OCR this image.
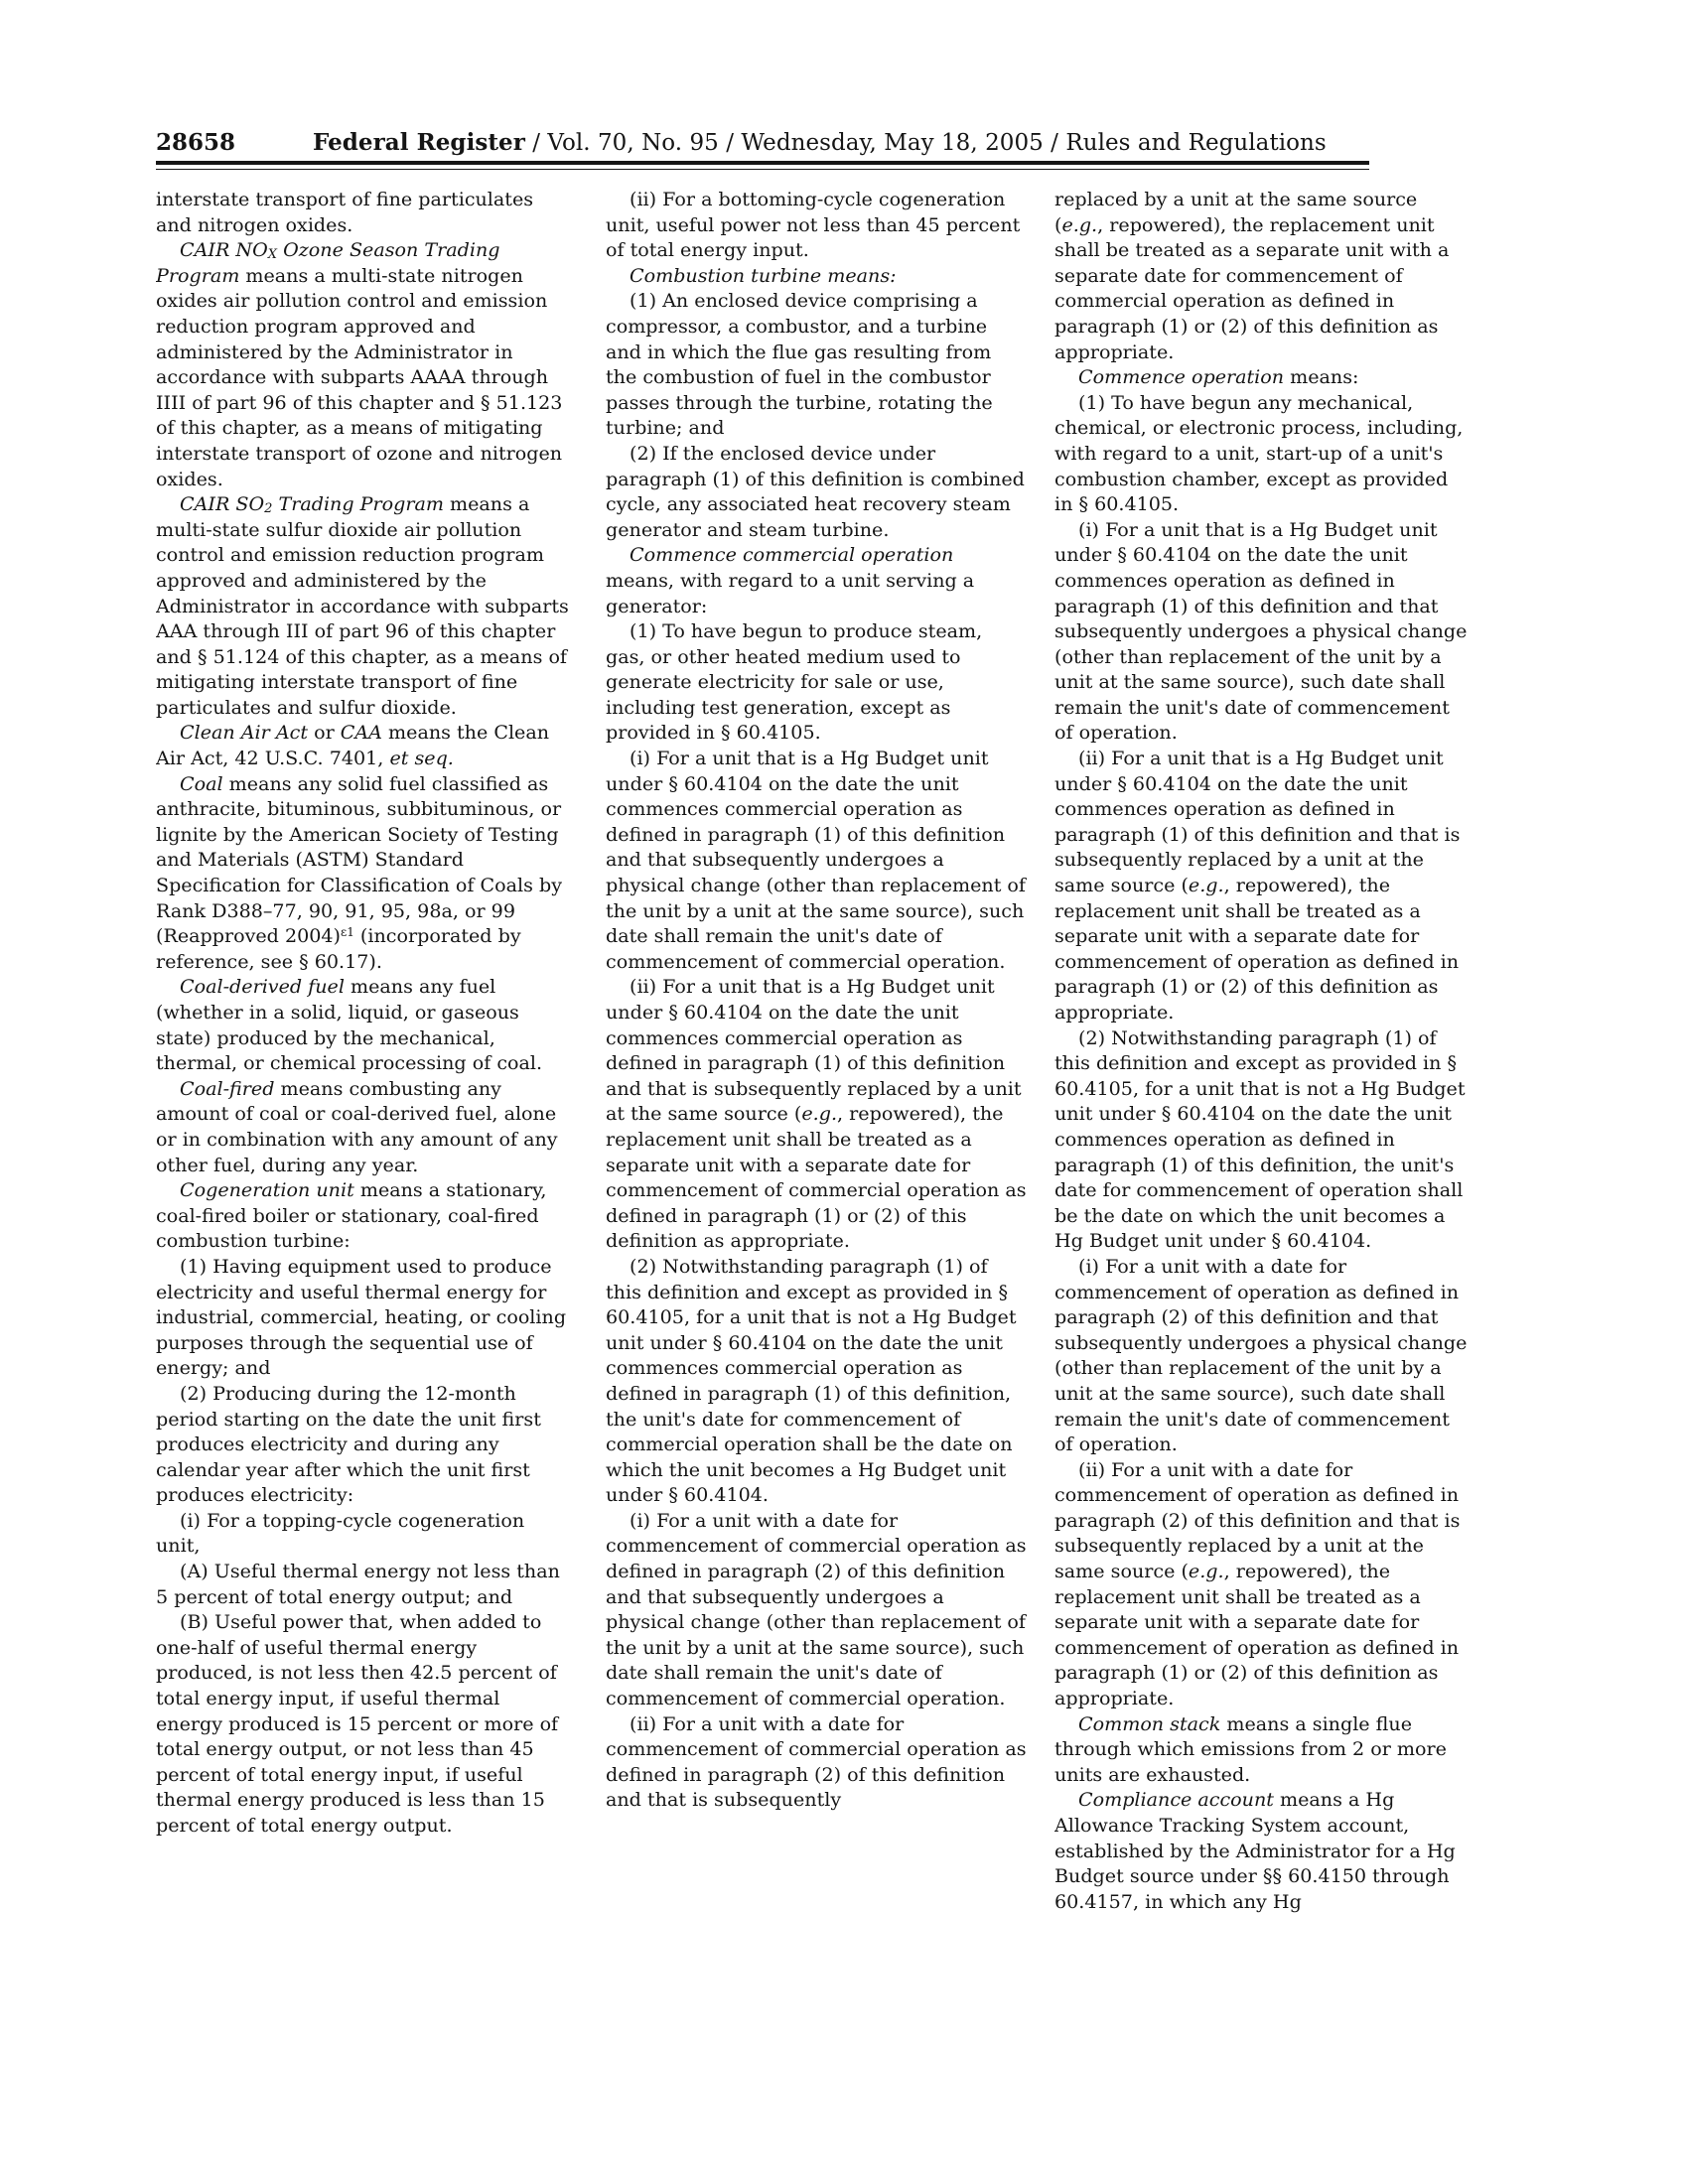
28658	Federal Register / Vol. 70, No. 95 / Wednesday, May 18, 2005 / Rules and Regulations

interstate transport of fine particulates and nitrogen oxides.

CAIR $NO_X$ Ozone Season Trading Program means a multi-state nitrogen oxides air pollution control and emission reduction program approved and administered by the Administrator in accordance with subparts AAAA through IIII of part 96 of this chapter and § 51.123 of this chapter, as a means of mitigating interstate transport of ozone and nitrogen oxides.

CAIR $SO_2$ Trading Program means a multi-state sulfur dioxide air pollution control and emission reduction program approved and administered by the Administrator in accordance with subparts AAA through III of part 96 of this chapter and § 51.124 of this chapter, as a means of mitigating interstate transport of fine particulates and sulfur dioxide.

Clean Air Act or CAA means the Clean Air Act, 42 U.S.C. 7401, et seq.

Coal means any solid fuel classified as anthracite, bituminous, subbituminous, or lignite by the American Society of Testing and Materials (ASTM) Standard Specification for Classification of Coals by Rank D388–77, 90, 91, 95, 98a, or 99 (Reapproved 2004)$^{\varepsilon 1}$ (incorporated by reference, see § 60.17).

Coal-derived fuel means any fuel (whether in a solid, liquid, or gaseous state) produced by the mechanical, thermal, or chemical processing of coal.

Coal-fired means combusting any amount of coal or coal-derived fuel, alone or in combination with any amount of any other fuel, during any year.

Cogeneration unit means a stationary, coal-fired boiler or stationary, coal-fired combustion turbine:

(1) Having equipment used to produce electricity and useful thermal energy for industrial, commercial, heating, or cooling purposes through the sequential use of energy; and

(2) Producing during the 12-month period starting on the date the unit first produces electricity and during any calendar year after which the unit first produces electricity:

(i) For a topping-cycle cogeneration unit,

(A) Useful thermal energy not less than 5 percent of total energy output; and

(B) Useful power that, when added to one-half of useful thermal energy produced, is not less then 42.5 percent of total energy input, if useful thermal energy produced is 15 percent or more of total energy output, or not less than 45 percent of total energy input, if useful thermal energy produced is less than 15 percent of total energy output.

(ii) For a bottoming-cycle cogeneration unit, useful power not less than 45 percent of total energy input.

Combustion turbine means:

(1) An enclosed device comprising a compressor, a combustor, and a turbine and in which the flue gas resulting from the combustion of fuel in the combustor passes through the turbine, rotating the turbine; and

(2) If the enclosed device under paragraph (1) of this definition is combined cycle, any associated heat recovery steam generator and steam turbine.

Commence commercial operation means, with regard to a unit serving a generator:

(1) To have begun to produce steam, gas, or other heated medium used to generate electricity for sale or use, including test generation, except as provided in § 60.4105.

(i) For a unit that is a Hg Budget unit under § 60.4104 on the date the unit commences commercial operation as defined in paragraph (1) of this definition and that subsequently undergoes a physical change (other than replacement of the unit by a unit at the same source), such date shall remain the unit's date of commencement of commercial operation.

(ii) For a unit that is a Hg Budget unit under § 60.4104 on the date the unit commences commercial operation as defined in paragraph (1) of this definition and that is subsequently replaced by a unit at the same source (e.g., repowered), the replacement unit shall be treated as a separate unit with a separate date for commencement of commercial operation as defined in paragraph (1) or (2) of this definition as appropriate.

(2) Notwithstanding paragraph (1) of this definition and except as provided in § 60.4105, for a unit that is not a Hg Budget unit under § 60.4104 on the date the unit commences commercial operation as defined in paragraph (1) of this definition, the unit's date for commencement of commercial operation shall be the date on which the unit becomes a Hg Budget unit under § 60.4104.

(i) For a unit with a date for commencement of commercial operation as defined in paragraph (2) of this definition and that subsequently undergoes a physical change (other than replacement of the unit by a unit at the same source), such date shall remain the unit's date of commencement of commercial operation.

(ii) For a unit with a date for commencement of commercial operation as defined in paragraph (2) of this definition and that is subsequently

replaced by a unit at the same source (e.g., repowered), the replacement unit shall be treated as a separate unit with a separate date for commencement of commercial operation as defined in paragraph (1) or (2) of this definition as appropriate.

Commence operation means:

(1) To have begun any mechanical, chemical, or electronic process, including, with regard to a unit, start-up of a unit's combustion chamber, except as provided in § 60.4105.

(i) For a unit that is a Hg Budget unit under § 60.4104 on the date the unit commences operation as defined in paragraph (1) of this definition and that subsequently undergoes a physical change (other than replacement of the unit by a unit at the same source), such date shall remain the unit's date of commencement of operation.

(ii) For a unit that is a Hg Budget unit under § 60.4104 on the date the unit commences operation as defined in paragraph (1) of this definition and that is subsequently replaced by a unit at the same source (e.g., repowered), the replacement unit shall be treated as a separate unit with a separate date for commencement of operation as defined in paragraph (1) or (2) of this definition as appropriate.

(2) Notwithstanding paragraph (1) of this definition and except as provided in § 60.4105, for a unit that is not a Hg Budget unit under § 60.4104 on the date the unit commences operation as defined in paragraph (1) of this definition, the unit's date for commencement of operation shall be the date on which the unit becomes a Hg Budget unit under § 60.4104.

(i) For a unit with a date for commencement of operation as defined in paragraph (2) of this definition and that subsequently undergoes a physical change (other than replacement of the unit by a unit at the same source), such date shall remain the unit's date of commencement of operation.

(ii) For a unit with a date for commencement of operation as defined in paragraph (2) of this definition and that is subsequently replaced by a unit at the same source (e.g., repowered), the replacement unit shall be treated as a separate unit with a separate date for commencement of operation as defined in paragraph (1) or (2) of this definition as appropriate.

Common stack means a single flue through which emissions from 2 or more units are exhausted.

Compliance account means a Hg Allowance Tracking System account, established by the Administrator for a Hg Budget source under §§ 60.4150 through 60.4157, in which any Hg
